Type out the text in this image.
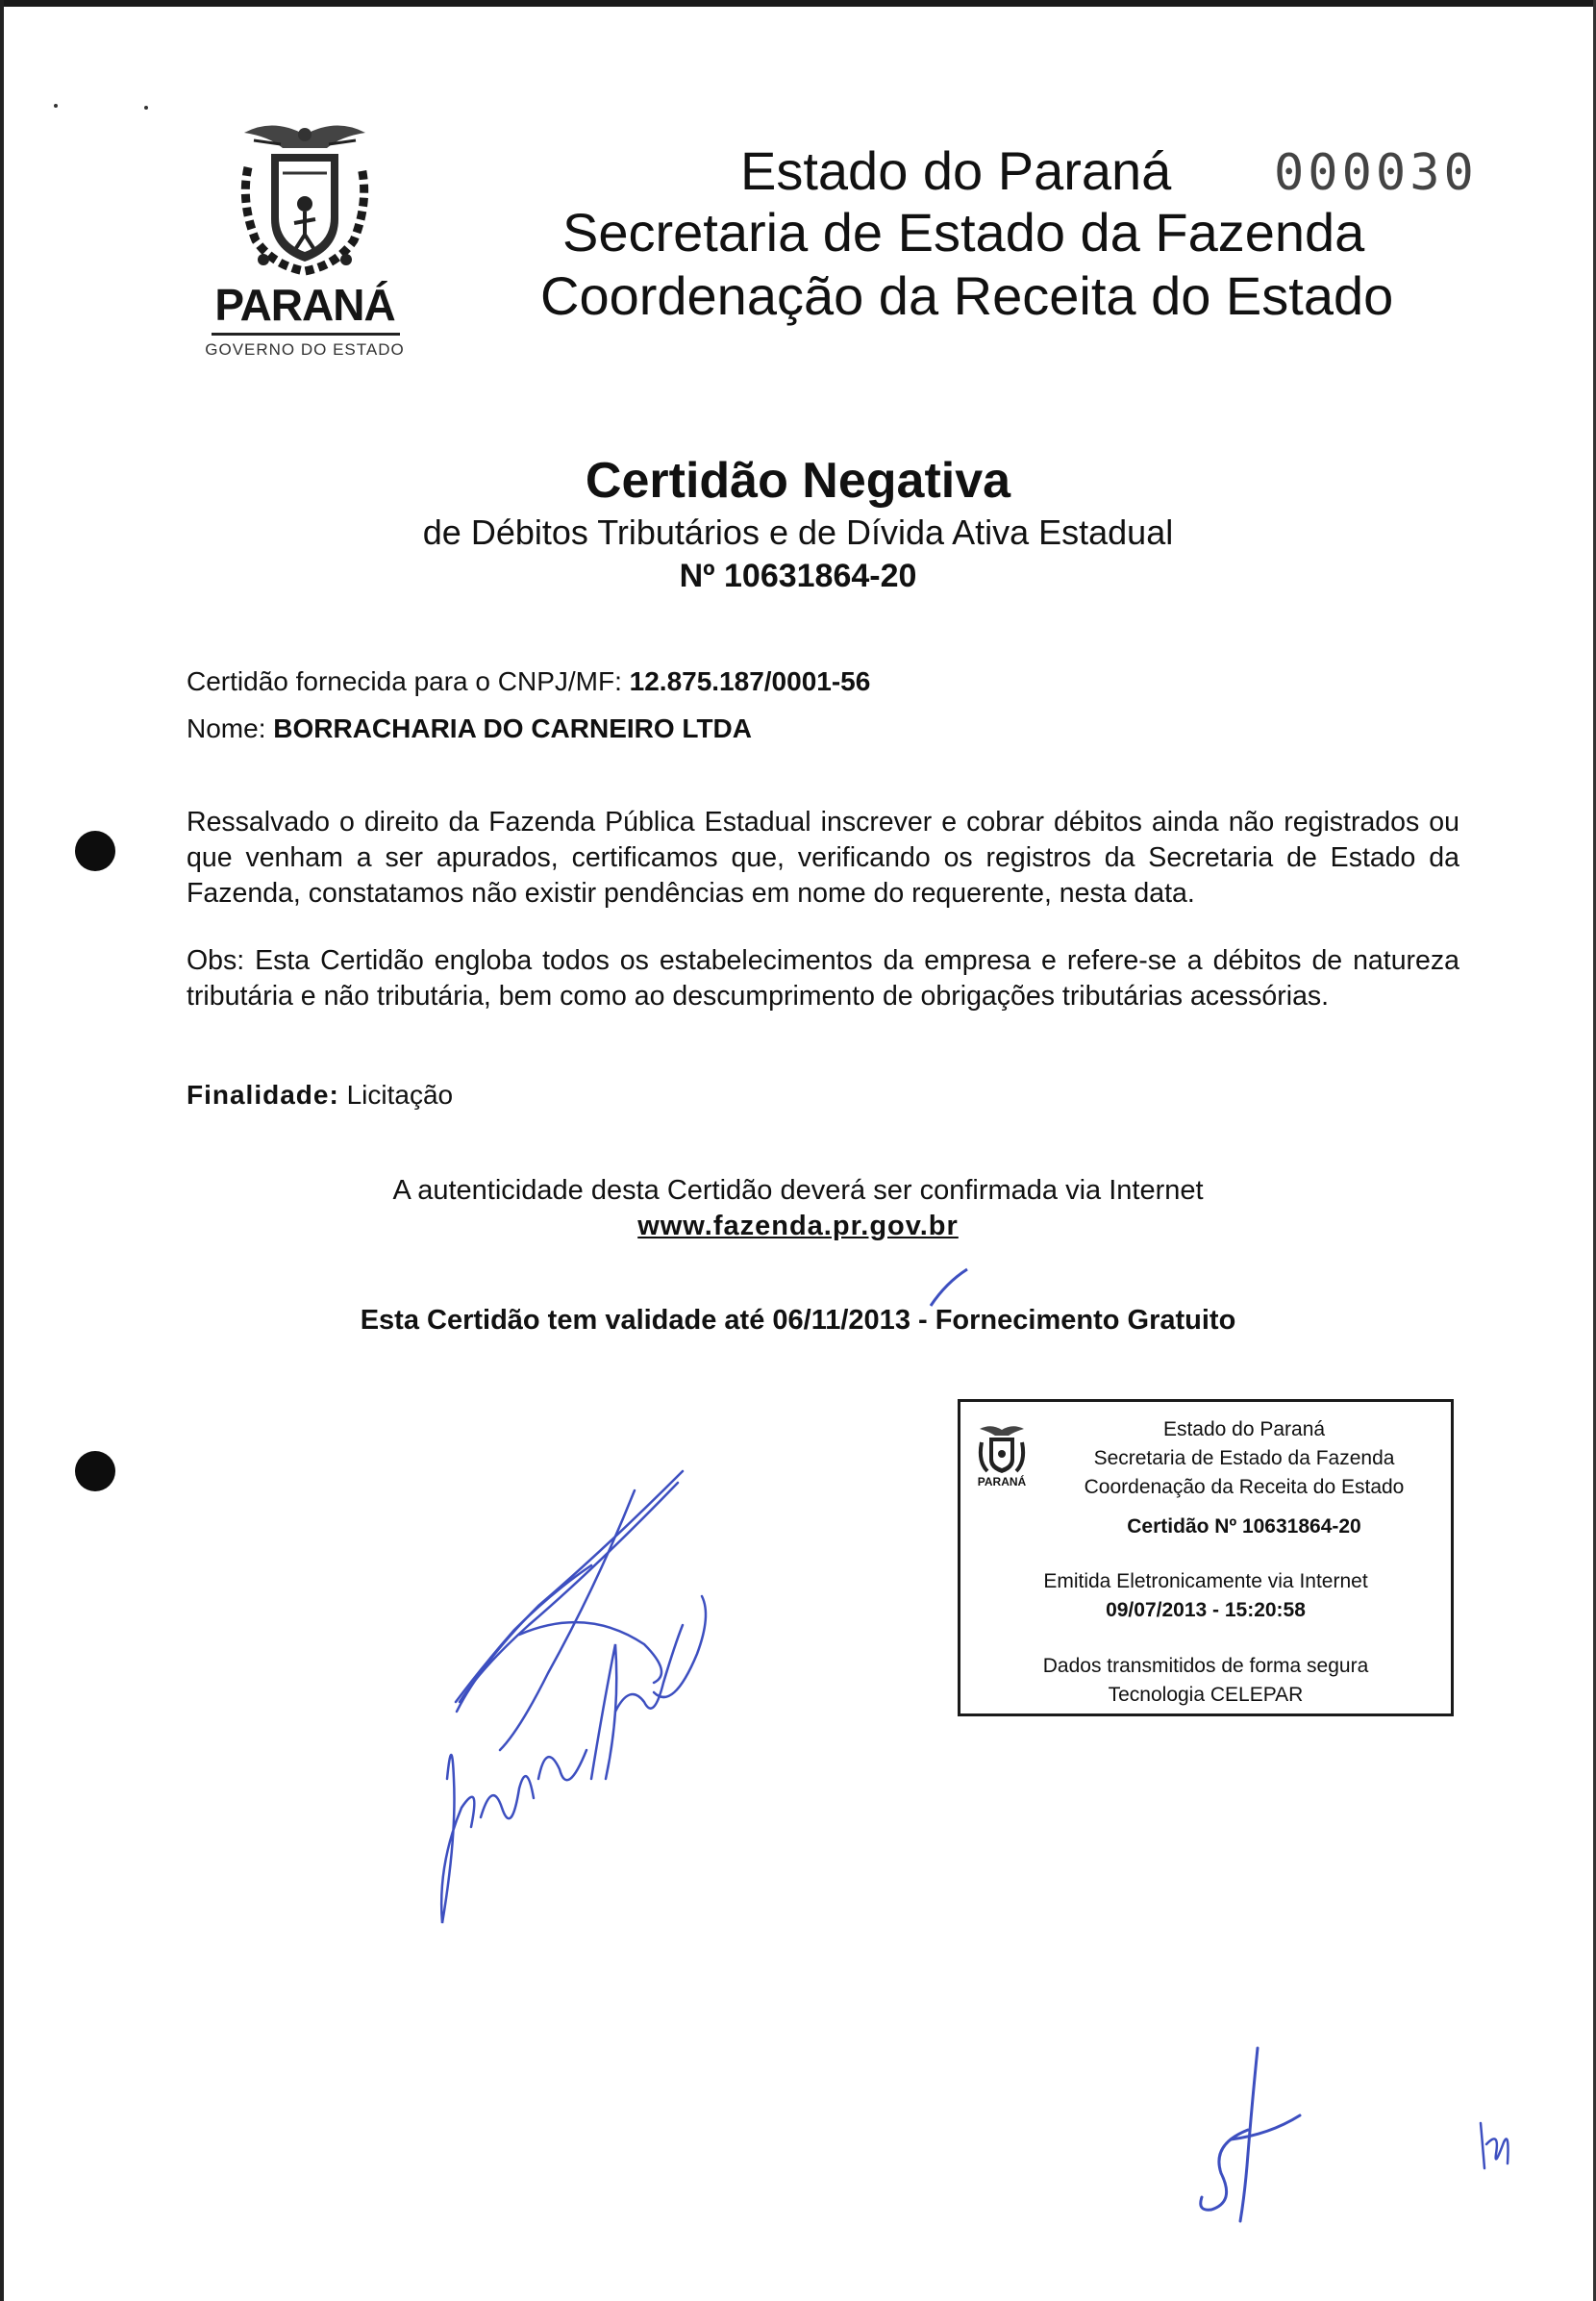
PARANÁ
GOVERNO DO ESTADO
Estado do Paraná
Secretaria de Estado da Fazenda
Coordenação da Receita do Estado
000030
Certidão Negativa
de Débitos Tributários e de Dívida Ativa Estadual
Nº 10631864-20
Certidão fornecida para o CNPJ/MF: 12.875.187/0001-56
Nome: BORRACHARIA DO CARNEIRO LTDA
Ressalvado o direito da Fazenda Pública Estadual inscrever e cobrar débitos ainda não registrados ou que venham a ser apurados, certificamos que, verificando os registros da Secretaria de Estado da Fazenda, constatamos não existir pendências em nome do requerente, nesta data.
Obs: Esta Certidão engloba todos os estabelecimentos da empresa e refere-se a débitos de natureza tributária e não tributária, bem como ao descumprimento de obrigações tributárias acessórias.
Finalidade: Licitação
A autenticidade desta Certidão deverá ser confirmada via Internet
www.fazenda.pr.gov.br
Esta Certidão tem validade até 06/11/2013 - Fornecimento Gratuito
PARANÁ
Estado do Paraná
Secretaria de Estado da Fazenda
Coordenação da Receita do Estado
Certidão Nº 10631864-20
Emitida Eletronicamente via Internet
09/07/2013 - 15:20:58
Dados transmitidos de forma segura
Tecnologia CELEPAR
